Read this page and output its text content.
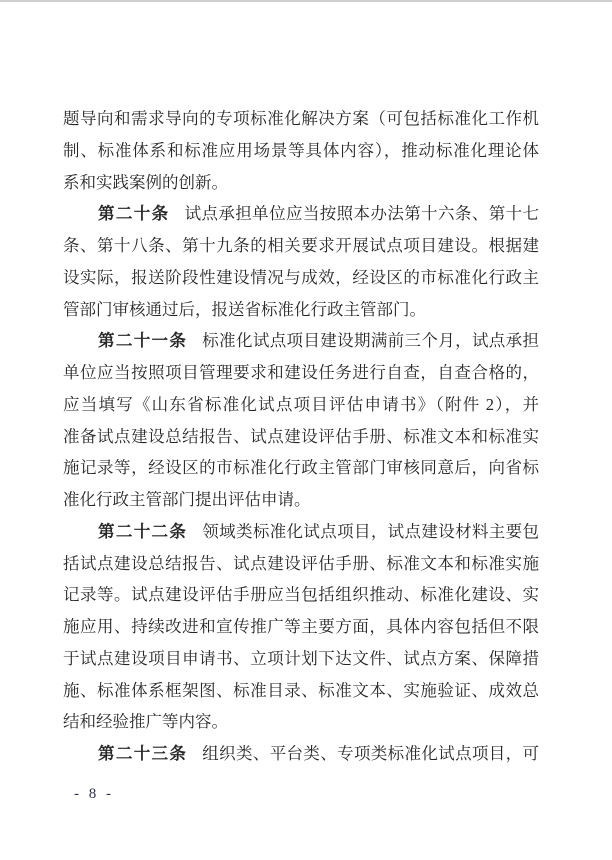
题导向和需求导向的专项标准化解决方案（可包括标准化工作机
制、标准体系和标准应用场景等具体内容），推动标准化理论体
系和实践案例的创新。
第二十条 试点承担单位应当按照本办法第十六条、第十七
条、第十八条、第十九条的相关要求开展试点项目建设。根据建
设实际，报送阶段性建设情况与成效，经设区的市标准化行政主
管部门审核通过后，报送省标准化行政主管部门。
第二十一条 标准化试点项目建设期满前三个月，试点承担
单位应当按照项目管理要求和建设任务进行自查，自查合格的，
应当填写《山东省标准化试点项目评估申请书》（附件 2），并
准备试点建设总结报告、试点建设评估手册、标准文本和标准实
施记录等，经设区的市标准化行政主管部门审核同意后，向省标
准化行政主管部门提出评估申请。
第二十二条 领域类标准化试点项目，试点建设材料主要包
括试点建设总结报告、试点建设评估手册、标准文本和标准实施
记录等。试点建设评估手册应当包括组织推动、标准化建设、实
施应用、持续改进和宣传推广等主要方面，具体内容包括但不限
于试点建设项目申请书、立项计划下达文件、试点方案、保障措
施、标准体系框架图、标准目录、标准文本、实施验证、成效总
结和经验推广等内容。
第二十三条 组织类、平台类、专项类标准化试点项目，可
- 8 -
